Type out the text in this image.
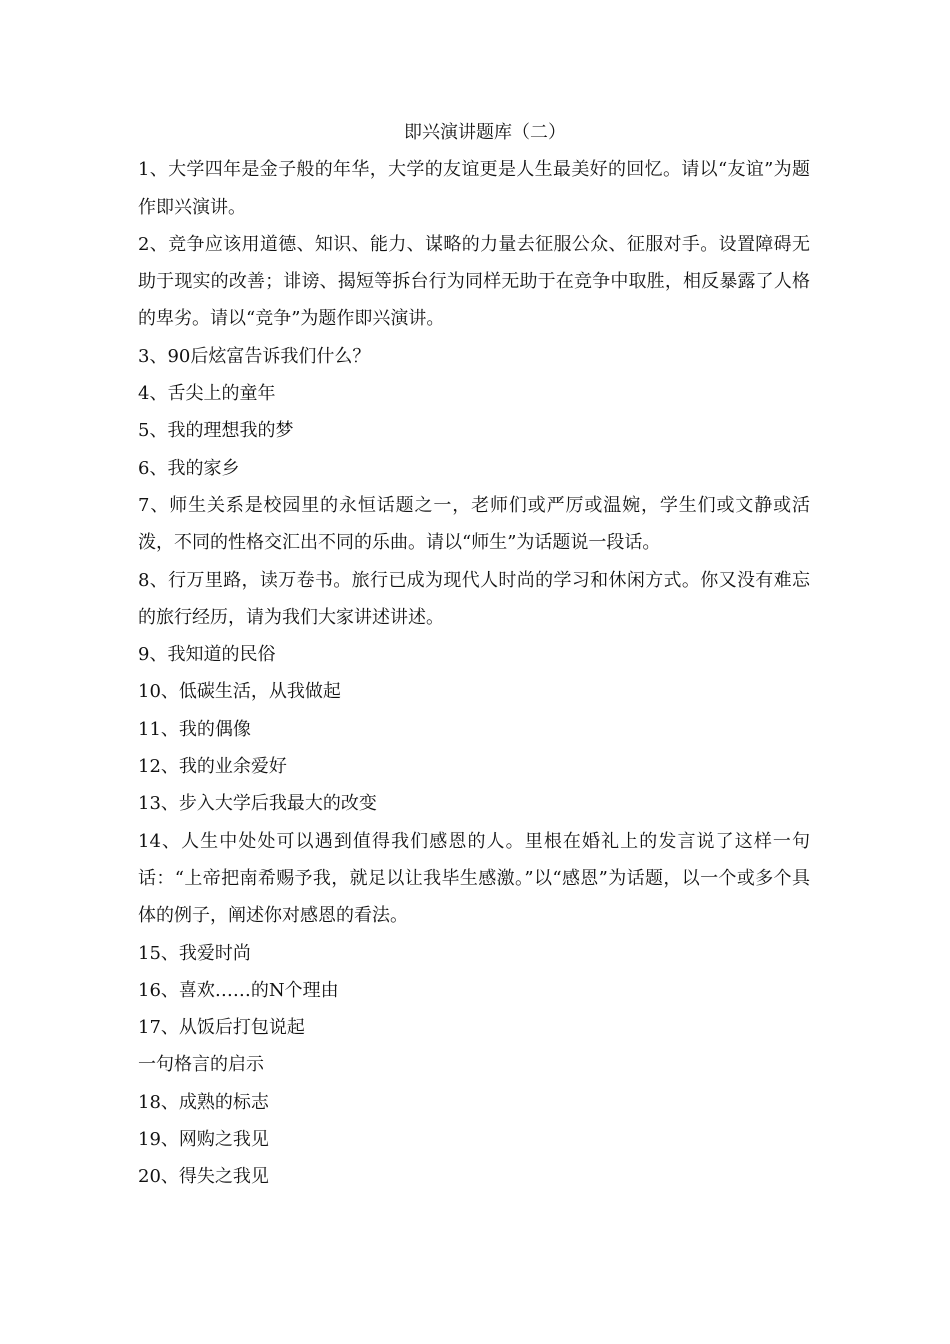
即兴演讲题库（二）

1、大学四年是金子般的年华，大学的友谊更是人生最美好的回忆。请以“友谊”为题作即兴演讲。

2、竞争应该用道德、知识、能力、谋略的力量去征服公众、征服对手。设置障碍无助于现实的改善；诽谤、揭短等拆台行为同样无助于在竞争中取胜，相反暴露了人格的卑劣。请以“竞争”为题作即兴演讲。

3、90后炫富告诉我们什么？

4、舌尖上的童年

5、我的理想我的梦

6、我的家乡

7、师生关系是校园里的永恒话题之一，老师们或严厉或温婉，学生们或文静或活泼，不同的性格交汇出不同的乐曲。请以“师生”为话题说一段话。

8、行万里路，读万卷书。旅行已成为现代人时尚的学习和休闲方式。你又没有难忘的旅行经历，请为我们大家讲述讲述。

9、我知道的民俗

10、低碳生活，从我做起

11、我的偶像

12、我的业余爱好

13、步入大学后我最大的改变

14、人生中处处可以遇到值得我们感恩的人。里根在婚礼上的发言说了这样一句话：“上帝把南希赐予我，就足以让我毕生感激。”以“感恩”为话题，以一个或多个具体的例子，阐述你对感恩的看法。

15、我爱时尚

16、喜欢……的N个理由

17、从饭后打包说起

一句格言的启示

18、成熟的标志

19、网购之我见

20、得失之我见
